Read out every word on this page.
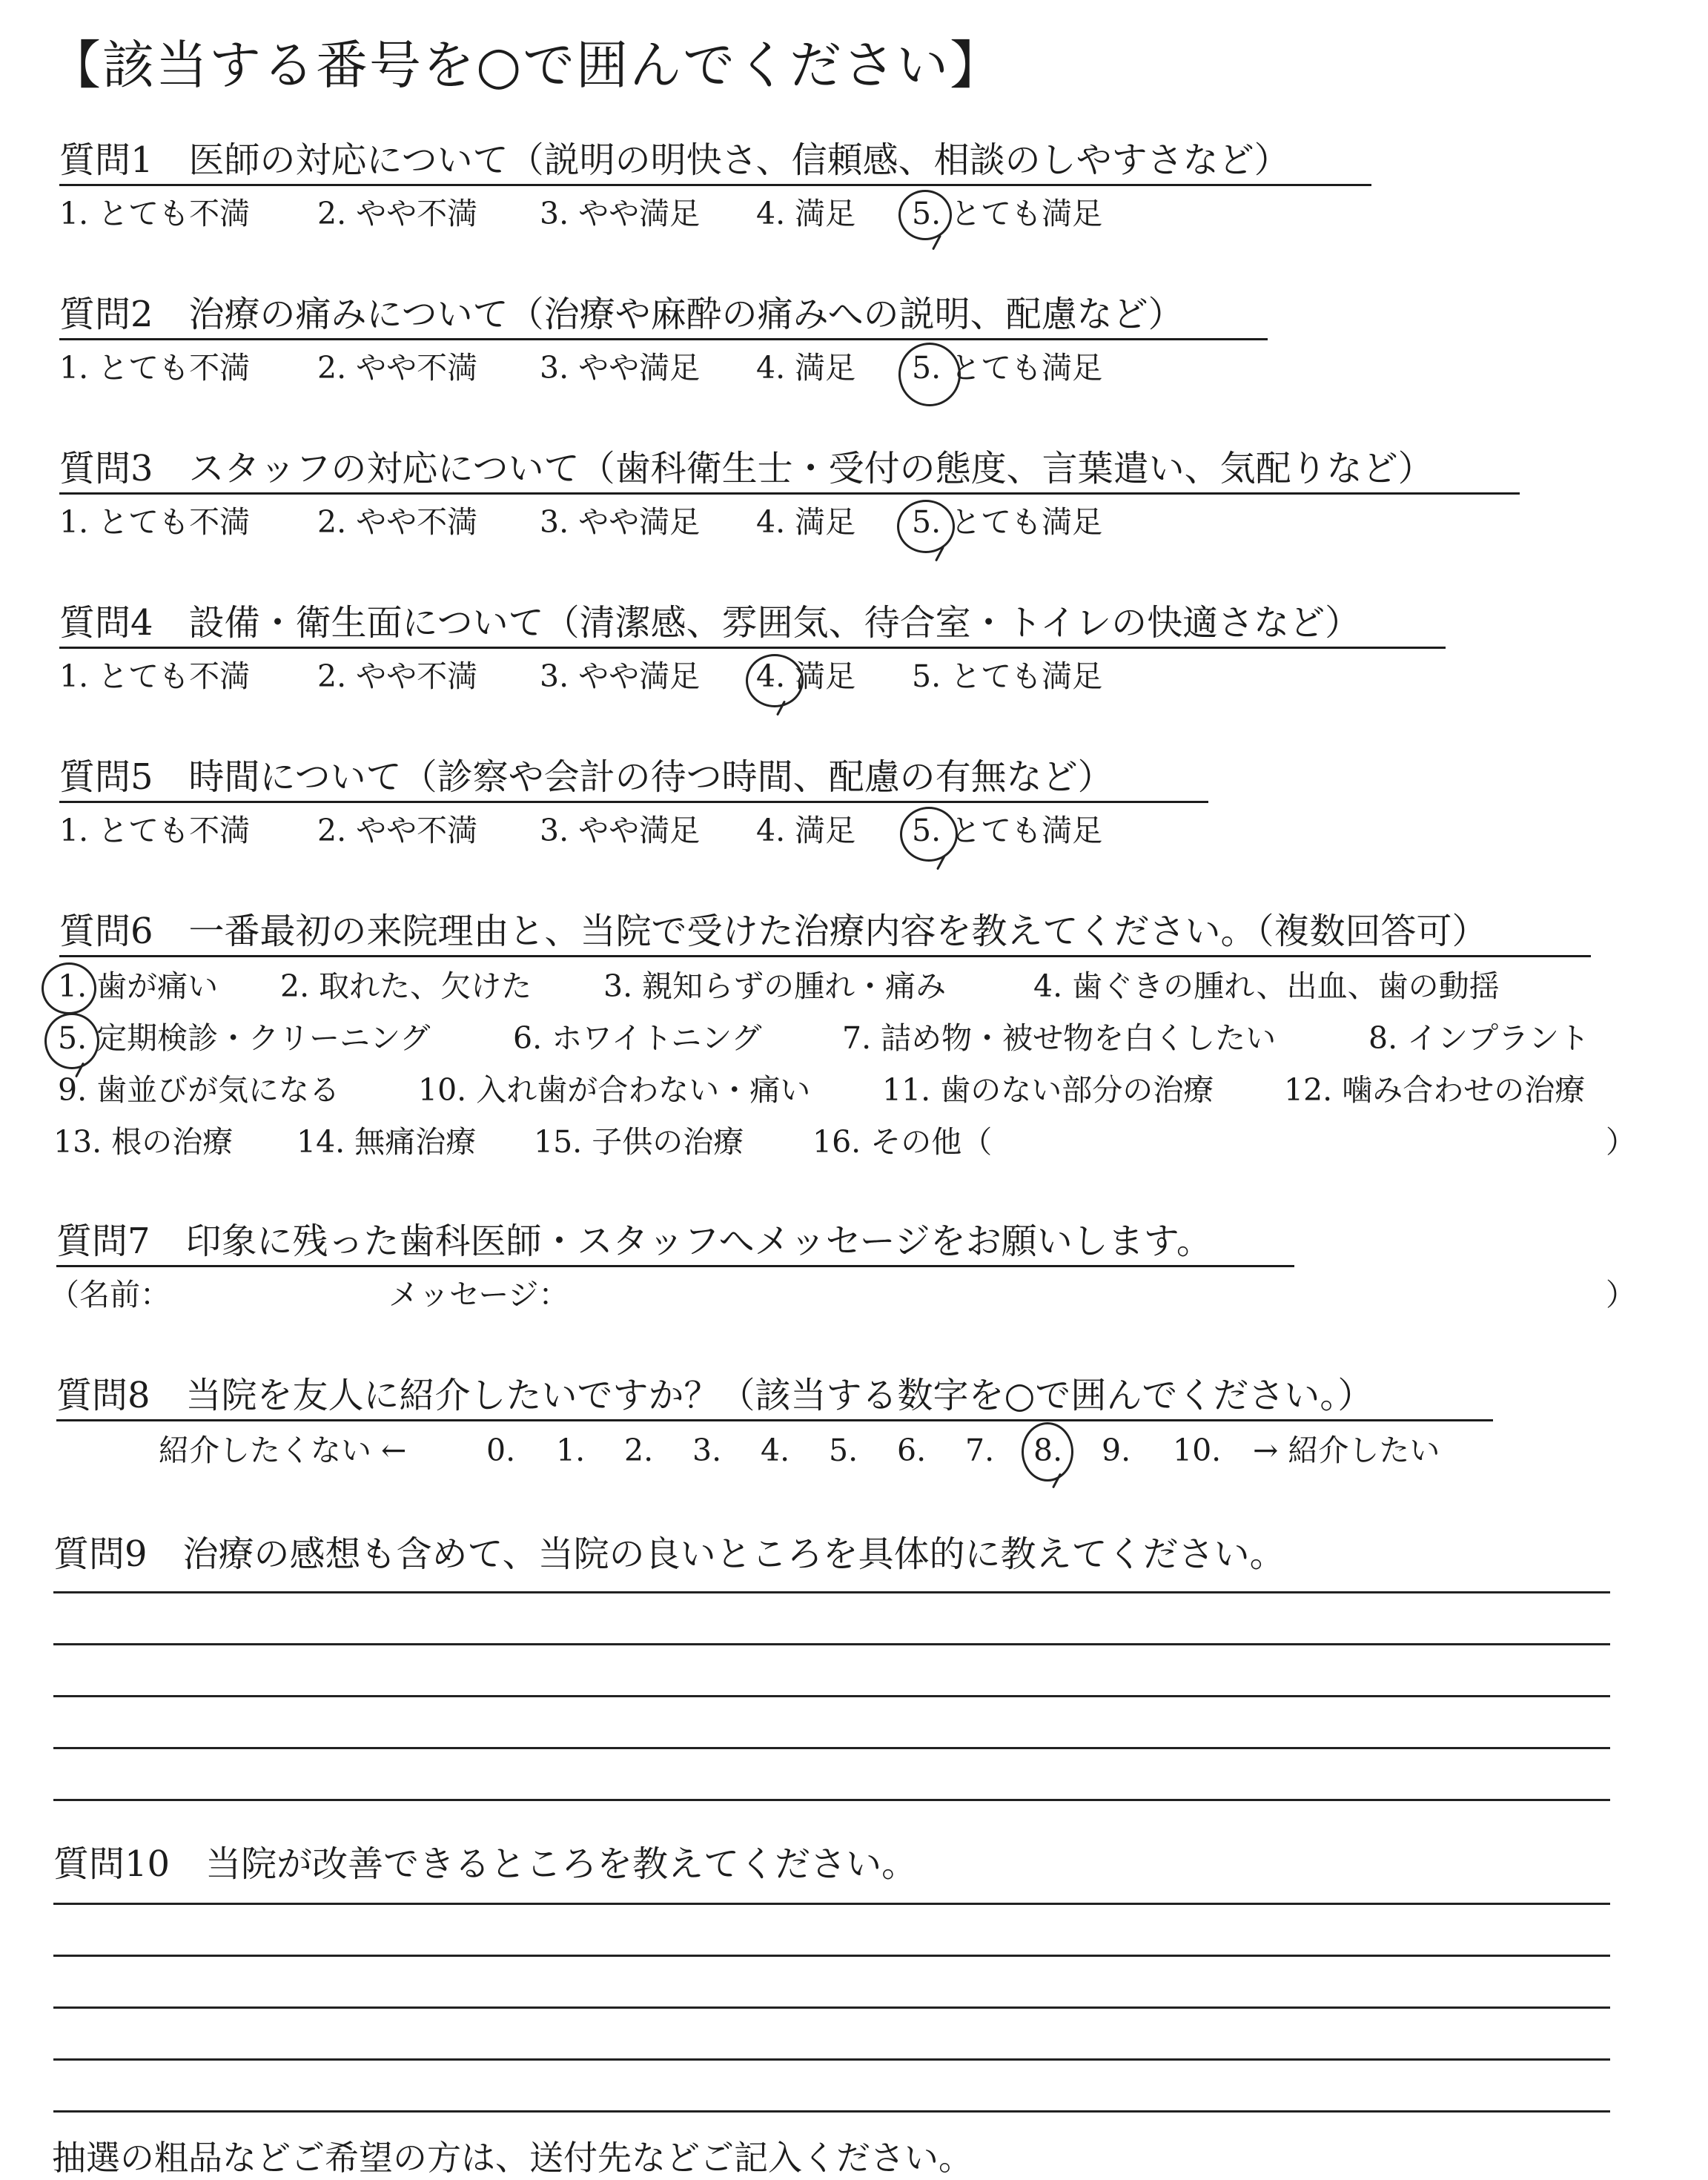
【該当する番号を○で囲んでください】
質問1　医師の対応について（説明の明快さ、信頼感、相談のしやすさなど）
1. とても不満 2. やや不満 3. やや満足 4. 満足 5. とても満足
質問2　治療の痛みについて（治療や麻酔の痛みへの説明、配慮など）
1. とても不満 2. やや不満 3. やや満足 4. 満足 5. とても満足
質問3　スタッフの対応について（歯科衛生士・受付の態度、言葉遣い、気配りなど）
1. とても不満 2. やや不満 3. やや満足 4. 満足 5. とても満足
質問4　設備・衛生面について（清潔感、雰囲気、待合室・トイレの快適さなど）
1. とても不満 2. やや不満 3. やや満足 4. 満足 5. とても満足
質問5　時間について（診察や会計の待つ時間、配慮の有無など）
1. とても不満 2. やや不満 3. やや満足 4. 満足 5. とても満足
質問6　一番最初の来院理由と、当院で受けた治療内容を教えてください。（複数回答可）
1. 歯が痛い 2. 取れた、欠けた 3. 親知らずの腫れ・痛み	4. 歯ぐきの腫れ、出血、歯の動揺
5. 定期検診・クリーニング	6. ホワイトニング	7. 詰め物・被せ物を白くしたい	8. インプラント
9. 歯並びが気になる	10. 入れ歯が合わない・痛い 11. 歯のない部分の治療 12. 噛み合わせの治療
13. 根の治療 14. 無痛治療 15. 子供の治療 16. その他（	）
質問7　印象に残った歯科医師・スタッフへメッセージをお願いします。
（名前：	メッセージ：	）
質問8　当院を友人に紹介したいですか？（該当する数字を○で囲んでください。）
紹介したくない ←	0. 1. 2. 3. 4. 5. 6. 7. 8. 9. 10. → 紹介したい
質問9　治療の感想も含めて、当院の良いところを具体的に教えてください。
質問10　当院が改善できるところを教えてください。
抽選の粗品などご希望の方は、送付先などご記入ください。
